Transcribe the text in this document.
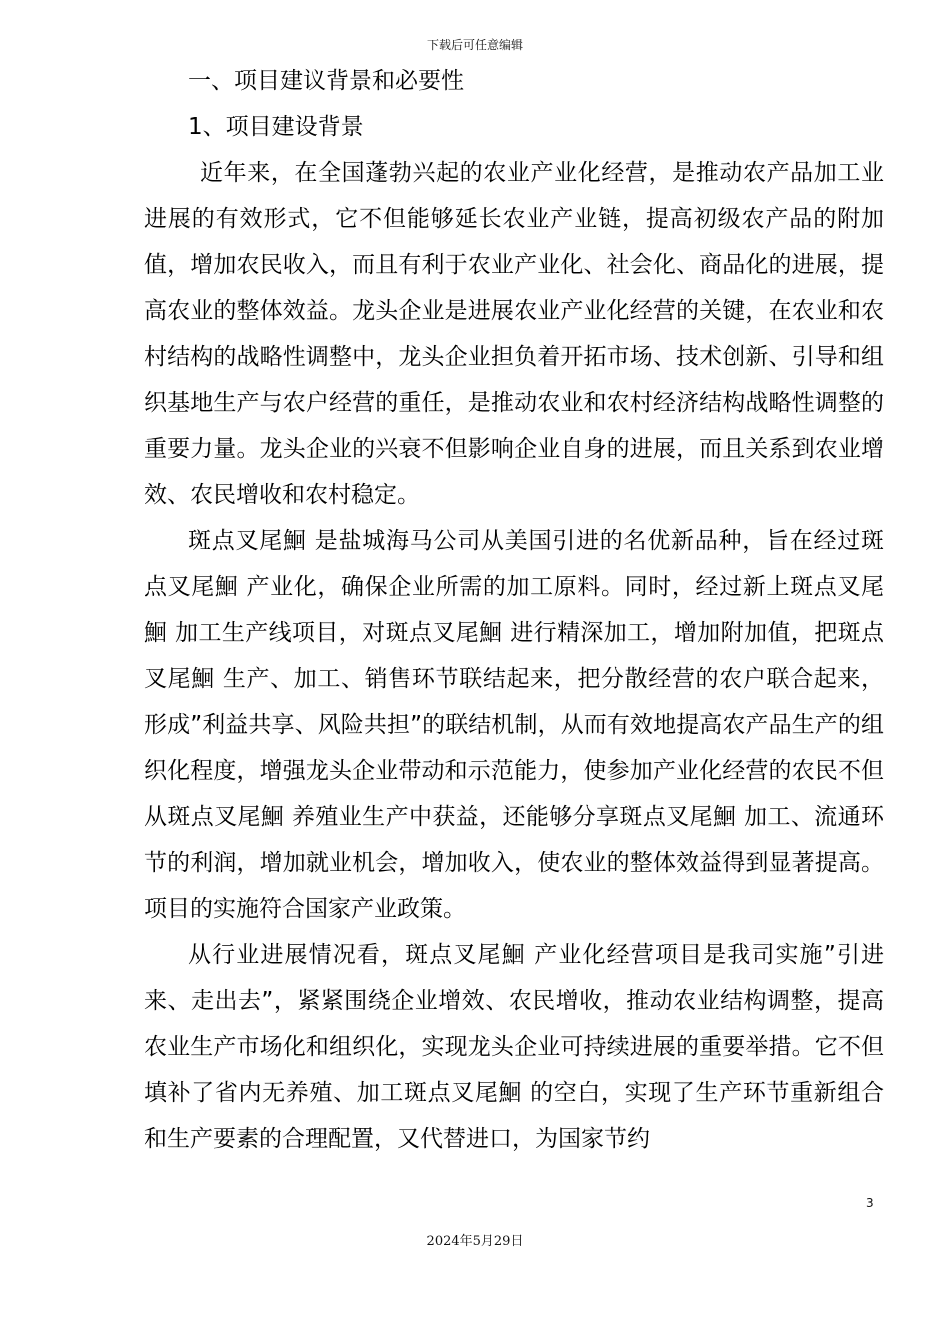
下载后可任意编辑
一、项目建议背景和必要性
1、项目建设背景

近年来，在全国蓬勃兴起的农业产业化经营，是推动农产品加工业进展的有效形式，它不但能够延长农业产业链，提高初级农产品的附加值，增加农民收入，而且有利于农业产业化、社会化、商品化的进展，提高农业的整体效益。龙头企业是进展农业产业化经营的关键，在农业和农村结构的战略性调整中，龙头企业担负着开拓市场、技术创新、引导和组织基地生产与农户经营的重任，是推动农业和农村经济结构战略性调整的重要力量。龙头企业的兴衰不但影响企业自身的进展，而且关系到农业增效、农民增收和农村稳定。

斑点叉尾鮰 是盐城海马公司从美国引进的名优新品种，旨在经过斑点叉尾鮰 产业化，确保企业所需的加工原料。同时，经过新上斑点叉尾鮰 加工生产线项目，对斑点叉尾鮰 进行精深加工，增加附加值，把斑点叉尾鮰 生产、加工、销售环节联结起来，把分散经营的农户联合起来，形成”利益共享、风险共担”的联结机制，从而有效地提高农产品生产的组织化程度，增强龙头企业带动和示范能力，使参加产业化经营的农民不但从斑点叉尾鮰 养殖业生产中获益，还能够分享斑点叉尾鮰 加工、流通环节的利润，增加就业机会，增加收入，使农业的整体效益得到显著提高。项目的实施符合国家产业政策。

从行业进展情况看，斑点叉尾鮰 产业化经营项目是我司实施”引进来、走出去”，紧紧围绕企业增效、农民增收，推动农业结构调整，提高农业生产市场化和组织化，实现龙头企业可持续进展的重要举措。它不但填补了省内无养殖、加工斑点叉尾鮰 的空白，实现了生产环节重新组合和生产要素的合理配置，又代替进口，为国家节约

3
2024年5月29日
